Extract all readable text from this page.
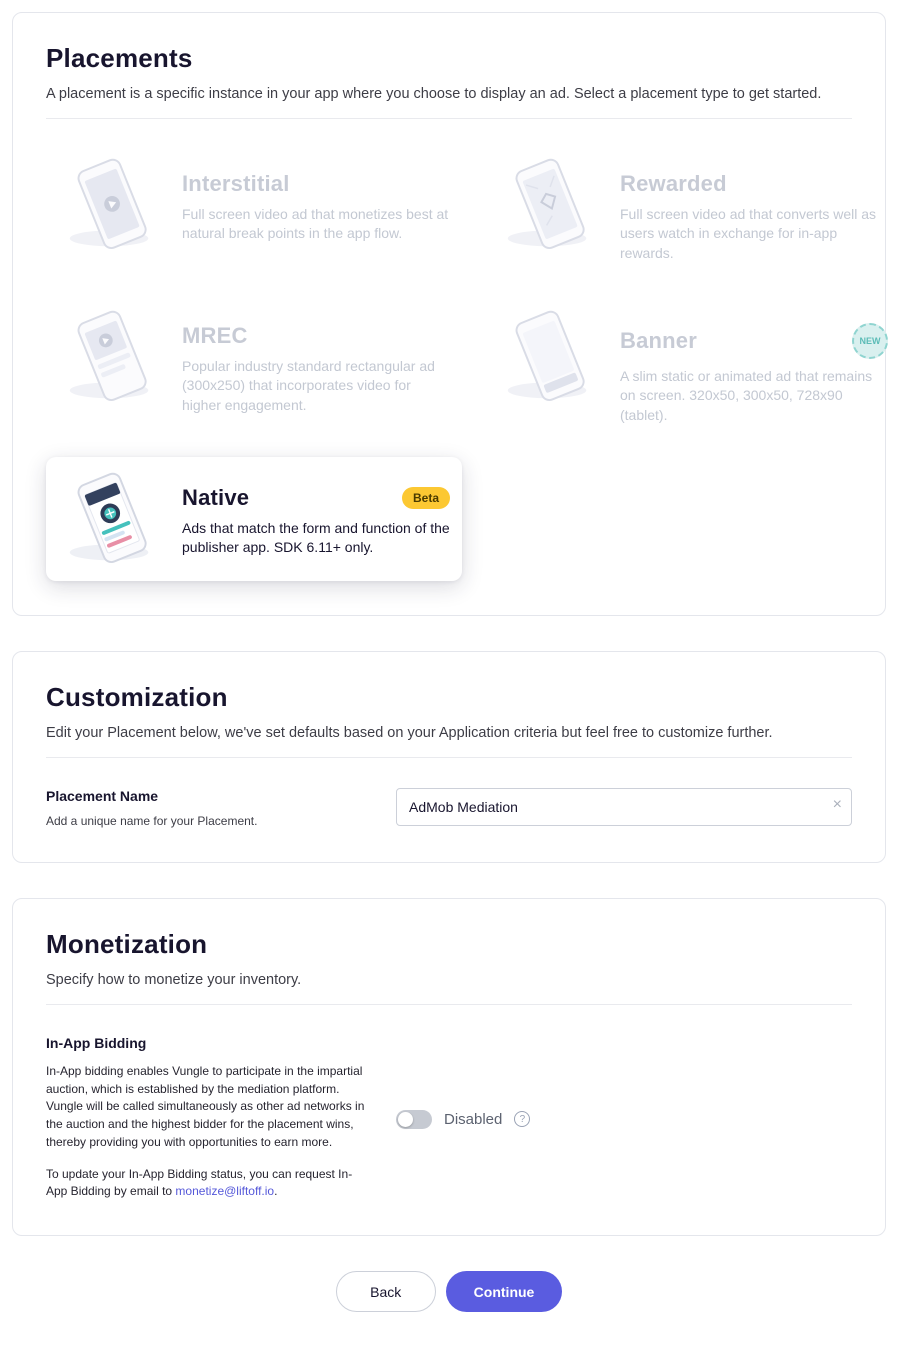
Placements

A placement is a specific instance in your app where you choose to display an ad. Select a placement type to get started.

Interstitial

Full screen video ad that monetizes best at natural break points in the app flow.

Rewarded

Full screen video ad that converts well as users watch in exchange for in-app rewards.

MREC

Popular industry standard rectangular ad (300x250) that incorporates video for higher engagement.

Banner	NEW

A slim static or animated ad that remains on screen. 320x50, 300x50, 728x90 (tablet).

Native	Beta

Ads that match the form and function of the publisher app. SDK 6.11+ only.

Customization

Edit your Placement below, we've set defaults based on your Application criteria but feel free to customize further.

Placement Name
Add a unique name for your Placement.
AdMob Mediation
×
Monetization

Specify how to monetize your inventory.

In-App Bidding

In-App bidding enables Vungle to participate in the impartial auction, which is established by the mediation platform. Vungle will be called simultaneously as other ad networks in the auction and the highest bidder for the placement wins, thereby providing you with opportunities to earn more.

To update your In-App Bidding status, you can request In-App Bidding by email to monetize@liftoff.io.

Disabled	?
Back	Continue
